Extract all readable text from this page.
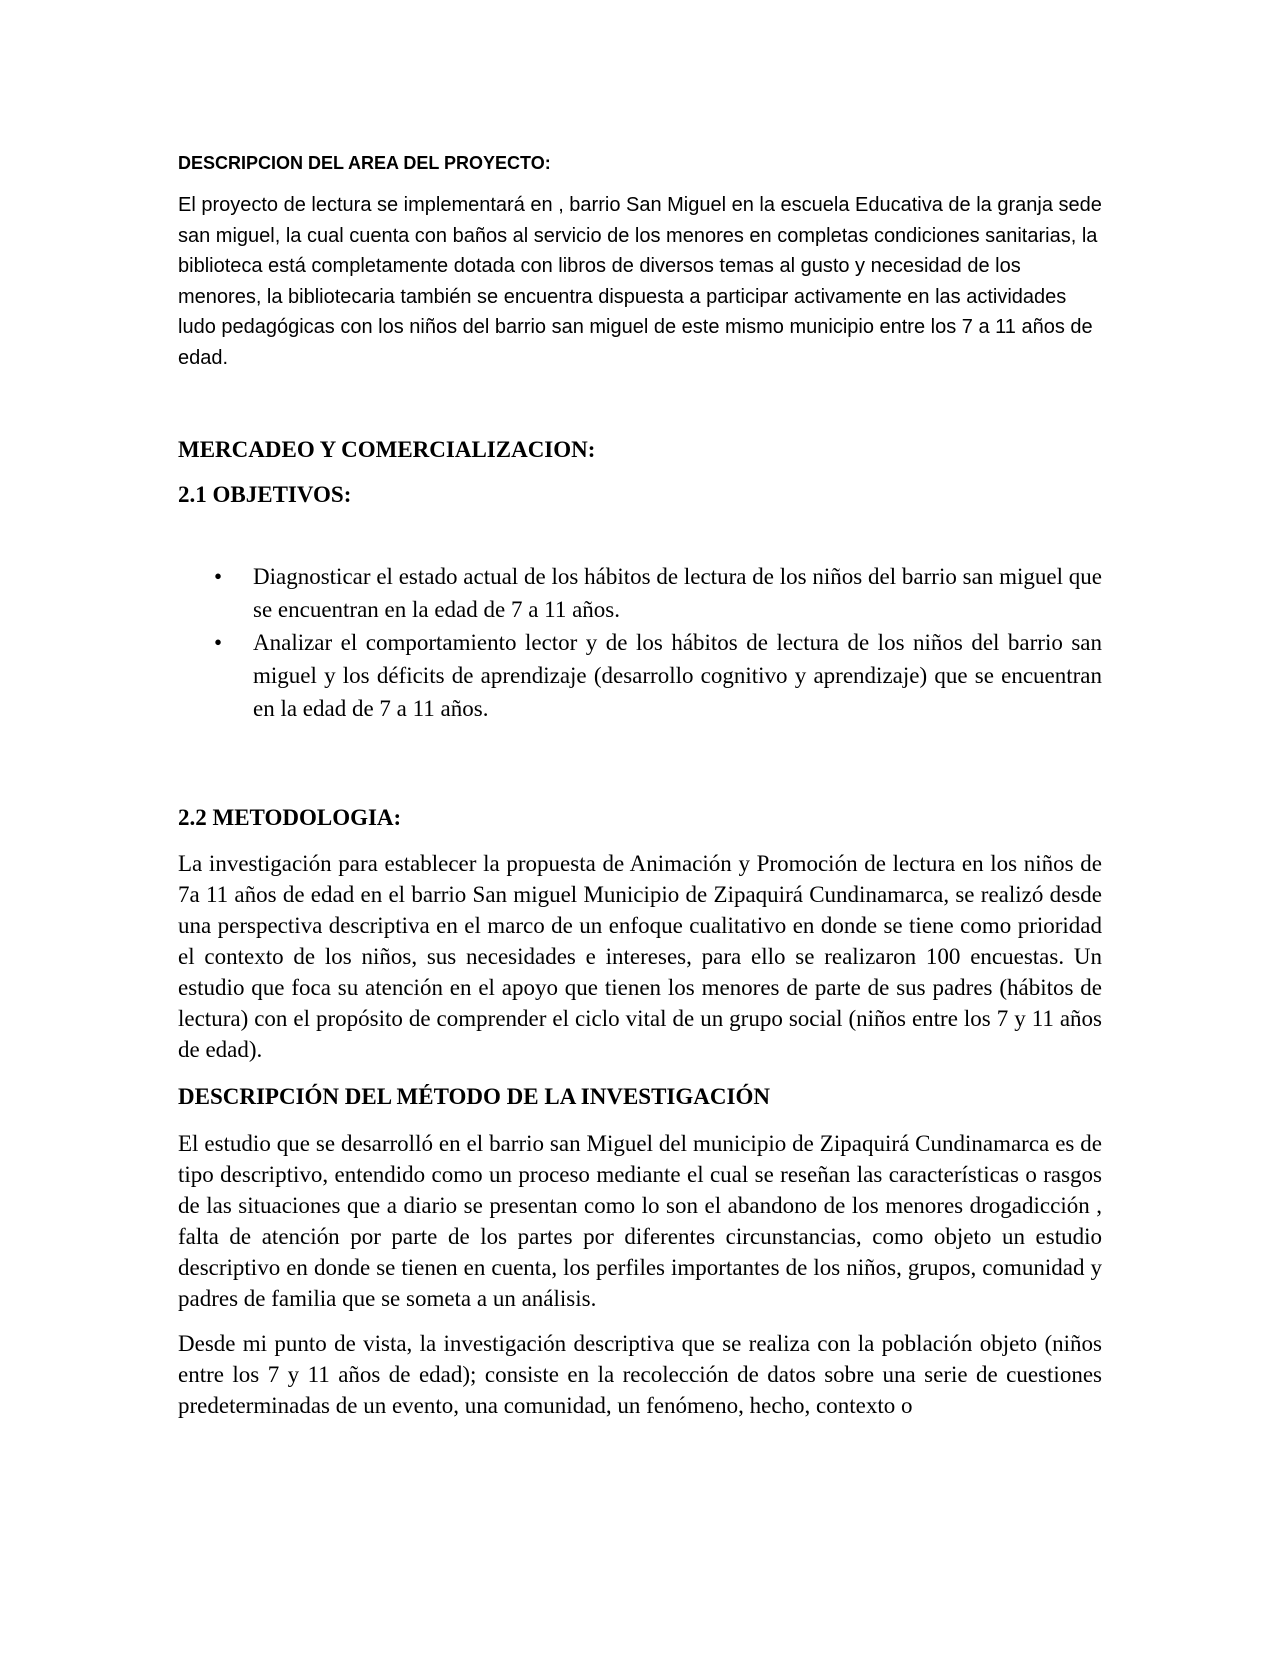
DESCRIPCION DEL AREA DEL PROYECTO:

El proyecto de lectura se implementará en , barrio San Miguel en la escuela Educativa de la granja sede san miguel, la cual cuenta con baños al servicio de los menores en completas condiciones sanitarias, la biblioteca está completamente dotada con libros de diversos temas al gusto y necesidad de los menores, la bibliotecaria también se encuentra dispuesta a participar activamente en las actividades ludo pedagógicas con los niños del barrio san miguel de este mismo municipio entre los 7 a 11 años de edad.

MERCADEO Y COMERCIALIZACION:
2.1 OBJETIVOS:
• Diagnosticar el estado actual de los hábitos de lectura de los niños del barrio san miguel que se encuentran en la edad de 7 a 11 años.
• Analizar el comportamiento lector y de los hábitos de lectura de los niños del barrio san miguel y los déficits de aprendizaje (desarrollo cognitivo y aprendizaje) que se encuentran en la edad de 7 a 11 años.
2.2 METODOLOGIA:

La investigación para establecer la propuesta de Animación y Promoción de lectura en los niños de 7a 11 años de edad en el barrio San miguel Municipio de Zipaquirá Cundinamarca, se realizó desde una perspectiva descriptiva en el marco de un enfoque cualitativo en donde se tiene como prioridad el contexto de los niños, sus necesidades e intereses, para ello se realizaron 100 encuestas. Un estudio que foca su atención en el apoyo que tienen los menores de parte de sus padres (hábitos de lectura) con el propósito de comprender el ciclo vital de un grupo social (niños entre los 7 y 11 años de edad).

DESCRIPCIÓN DEL MÉTODO DE LA INVESTIGACIÓN

El estudio que se desarrolló en el barrio san Miguel del municipio de Zipaquirá Cundinamarca es de tipo descriptivo, entendido como un proceso mediante el cual se reseñan las características o rasgos de las situaciones que a diario se presentan como lo son el abandono de los menores drogadicción , falta de atención por parte de los partes por diferentes circunstancias, como objeto un estudio descriptivo en donde se tienen en cuenta, los perfiles importantes de los niños, grupos, comunidad y padres de familia que se someta a un análisis.

Desde mi punto de vista, la investigación descriptiva que se realiza con la población objeto (niños entre los 7 y 11 años de edad); consiste en la recolección de datos sobre una serie de cuestiones predeterminadas de un evento, una comunidad, un fenómeno, hecho, contexto o
